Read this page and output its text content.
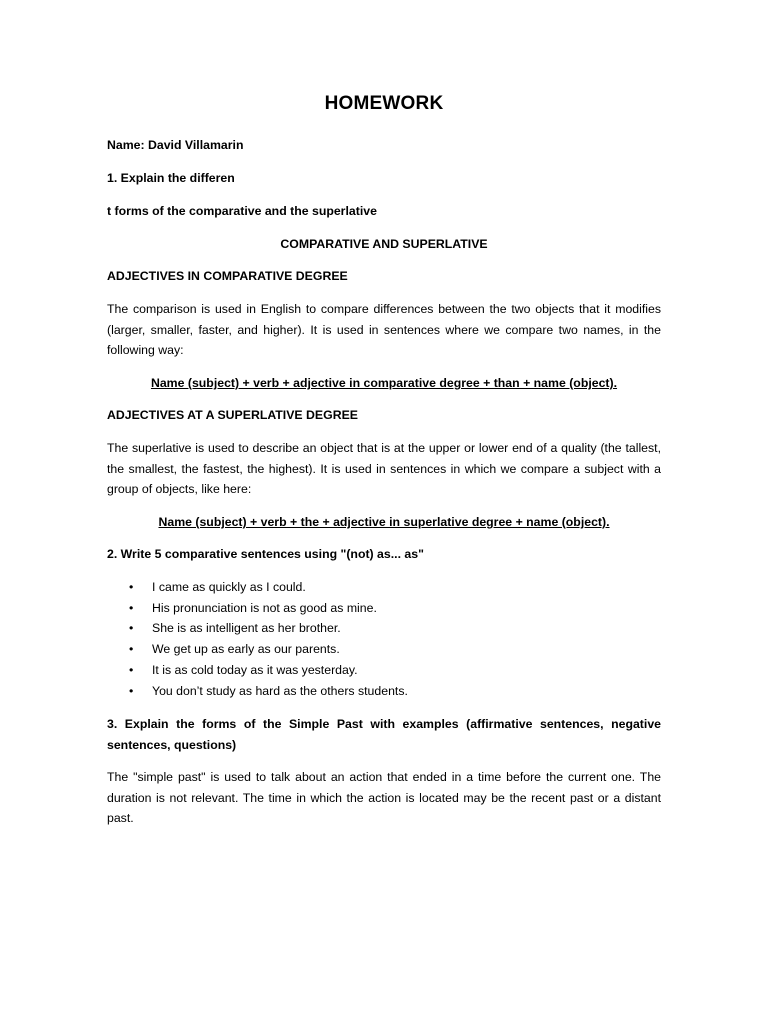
HOMEWORK

Name: David Villamarin

1. Explain the differen

t forms of the comparative and the superlative

COMPARATIVE AND SUPERLATIVE

ADJECTIVES IN COMPARATIVE DEGREE

The comparison is used in English to compare differences between the two objects that it modifies (larger, smaller, faster, and higher). It is used in sentences where we compare two names, in the following way:

Name (subject) + verb + adjective in comparative degree + than + name (object).

ADJECTIVES AT A SUPERLATIVE DEGREE

The superlative is used to describe an object that is at the upper or lower end of a quality (the tallest, the smallest, the fastest, the highest). It is used in sentences in which we compare a subject with a group of objects, like here:

Name (subject) + verb + the + adjective in superlative degree + name (object).

2. Write 5 comparative sentences using "(not) as... as"

• I came as quickly as I could.
• His pronunciation is not as good as mine.
• She is as intelligent as her brother.
• We get up as early as our parents.
• It is as cold today as it was yesterday.
• You don’t study as hard as the others students.

3. Explain the forms of the Simple Past with examples (affirmative sentences, negative sentences, questions)

The "simple past" is used to talk about an action that ended in a time before the current one. The duration is not relevant. The time in which the action is located may be the recent past or a distant past.
